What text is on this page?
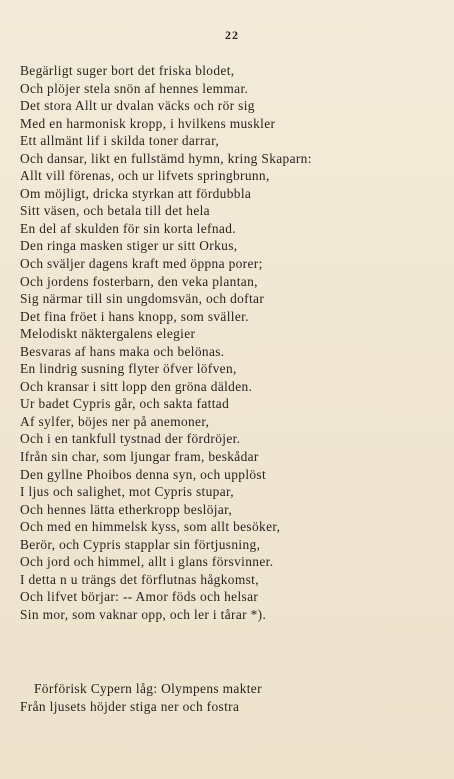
22
Begärligt suger bort det friska blodet,
Och plöjer stela snön af hennes lemmar.
Det stora Allt ur dvalan väcks och rör sig
Med en harmonisk kropp, i hvilkens muskler
Ett allmänt lif i skilda toner darrar,
Och dansar, likt en fullstämd hymn, kring Skaparn:
Allt vill förenas, och ur lifvets springbrunn,
Om möjligt, dricka styrkan att fördubbla
Sitt väsen, och betala till det hela
En del af skulden för sin korta lefnad.
Den ringa masken stiger ur sitt Orkus,
Och sväljer dagens kraft med öppna porer;
Och jordens fosterbarn, den veka plantan,
Sig närmar till sin ungdomsvän, och doftar
Det fina fröet i hans knopp, som sväller.
Melodiskt näktergalens elegier
Besvaras af hans maka och belönas.
En lindrig susning flyter öfver löfven,
Och kransar i sitt lopp den gröna dälden.
Ur badet Cypris går, och sakta fattad
Af sylfer, böjes ner på anemoner,
Och i en tankfull tystnad der fördröjer.
Ifrån sin char, som ljungar fram, beskådar
Den gyllne Phoibos denna syn, och upplöst
I ljus och salighet, mot Cypris stupar,
Och hennes lätta etherkropp beslöjar,
Och med en himmelsk kyss, som allt besöker,
Berör, och Cypris stapplar sin förtjusning,
Och jord och himmel, allt i glans försvinner.
I detta n u trängs det förflutnas hågkomst,
Och lifvet börjar: -- Amor föds och helsar
Sin mor, som vaknar opp, och ler i tårar *).
Förförisk Cypern låg: Olympens makter
Från ljusets höjder stiga ner och fostra
